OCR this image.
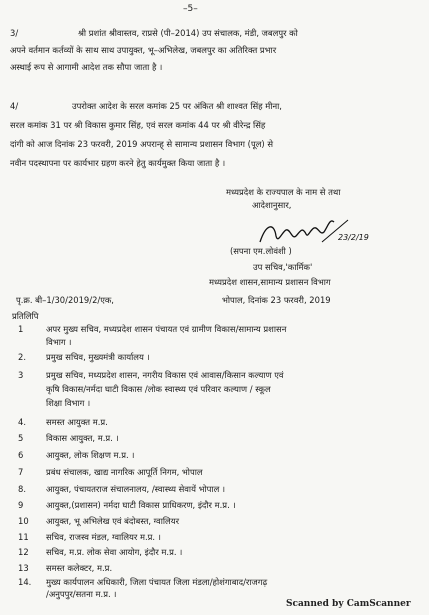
–5–
3/	श्री प्रशांत श्रीवास्तव, राप्रसे (पी–2014) उप संचालक, मंडी, जबलपुर को
अपने वर्तमान कर्तव्यों के साथ साथ उपायुक्त, भू–अभिलेख, जबलपुर का अतिरिक्त प्रभार
अस्थाई रूप से आगामी आदेश तक सौपा जाता है ।
4/	उपरोक्त आदेश के सरल कमांक 25 पर अंकित श्री शाश्वत सिंह मीना,
सरल कमांक 31 पर श्री विकास कुमार सिंह, एवं सरल कमांक 44 पर श्री वीरेन्द्र सिंह
दांगी को आज दिनांक 23 फरवरी, 2019 अपरान्ह् से सामान्य प्रशासन विभाग (पूल) से
नवीन पदस्थापना पर कार्यभार ग्रहण करने हेतु कार्यमुक्त किया जाता है ।
मध्यप्रदेश के राज्यपाल के नाम से तथा
आदेशानुसार,
23/2/19
(सपना एम.लोवंशी )
उप सचिव,'कार्मिक'
मध्यप्रदेश शासन,सामान्य प्रशासन विभाग
पृ.क्र. बी–1/30/2019/2/एक,	भोपाल, दिनांक 23 फरवरी, 2019
प्रतिलिपि
1	अपर मुख्य सचिव, मध्यप्रदेश शासन पंचायत एवं ग्रामीण विकास/सामान्य प्रशासन
विभाग ।
2. प्रमुख सचिव, मुख्यमंत्री कार्यालय ।
3	प्रमुख सचिव, मध्यप्रदेश शासन, नगरीय विकास एवं आवास/किसान कल्याण एवं
कृषि विकास/नर्मदा घाटी विकास /लोक स्वास्थ्य एवं परिवार कल्याण / स्कूल
शिक्षा विभाग ।
4. समस्त आयुक्त म.प्र.
5	विकास आयुक्त, म.प्र. ।
6	आयुक्त, लोक शिक्षण म.प्र. ।
7	प्रबंध संचालक, खाद्य नागरिक आपूर्ति निगम, भोपाल
8. आयुक्त, पंचायतराज संचालनालय, /स्वास्थ्य सेवायें भोपाल ।
9	आयुक्त,(प्रशासन) नर्मदा घाटी विकास प्राधिकरण, इंदौर म.प्र. ।
10 आयुक्त, भू अभिलेख एवं बंदोबस्त, ग्वालियर
11 सचिव, राजस्व मंडल, ग्वालियर म.प्र. ।
12 सचिव, म.प्र. लोक सेवा आयोग, इंदौर म.प्र. ।
13 समस्त कलेक्टर, म.प्र.
14. मुख्य कार्यपालन अधिकारी, जिला पंचायत जिला मंडला/होशंगाबाद/राजगढ़
/अनुपपुर/सतना म.प्र. ।
Scanned by CamScanner
